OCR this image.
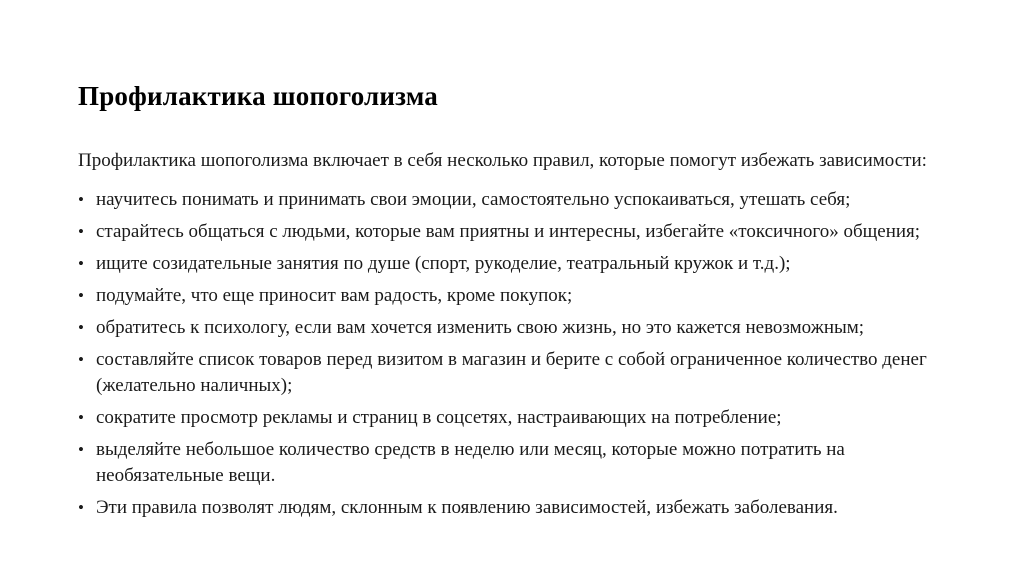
Профилактика шопоголизма

Профилактика шопоголизма включает в себя несколько правил, которые помогут избежать зависимости:

• научитесь понимать и принимать свои эмоции, самостоятельно успокаиваться, утешать себя;
• старайтесь общаться с людьми, которые вам приятны и интересны, избегайте «токсичного» общения;
• ищите созидательные занятия по душе (спорт, рукоделие, театральный кружок и т.д.);
• подумайте, что еще приносит вам радость, кроме покупок;
• обратитесь к психологу, если вам хочется изменить свою жизнь, но это кажется невозможным;
• составляйте список товаров перед визитом в магазин и берите с собой ограниченное количество денег (желательно наличных);
• сократите просмотр рекламы и страниц в соцсетях, настраивающих на потребление;
• выделяйте небольшое количество средств в неделю или месяц, которые можно потратить на необязательные вещи.
• Эти правила позволят людям, склонным к появлению зависимостей, избежать заболевания.
